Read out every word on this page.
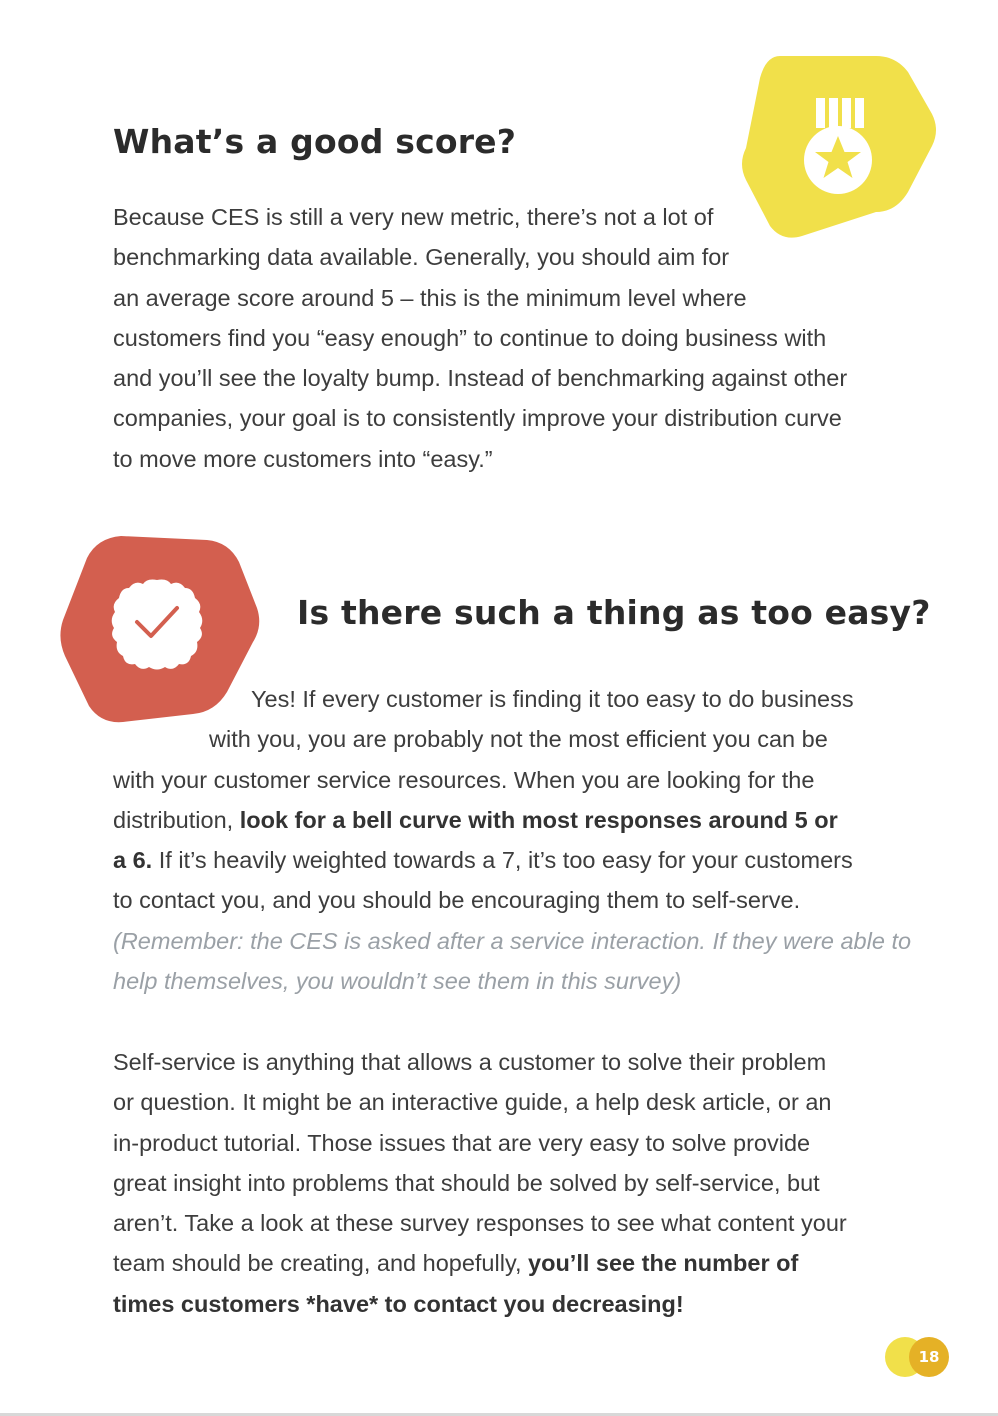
What’s a good score?

Because CES is still a very new metric, there’s not a lot of
benchmarking data available. Generally, you should aim for
an average score around 5 – this is the minimum level where
customers find you “easy enough” to continue to doing business with
and you’ll see the loyalty bump. Instead of benchmarking against other
companies, your goal is to consistently improve your distribution curve
to move more customers into “easy.”

Is there such a thing as too easy?

Yes! If every customer is finding it too easy to do business
with you, you are probably not the most efficient you can be
with your customer service resources. When you are looking for the
distribution, look for a bell curve with most responses around 5 or
a 6. If it’s heavily weighted towards a 7, it’s too easy for your customers
to contact you, and you should be encouraging them to self-serve.
(Remember: the CES is asked after a service interaction. If they were able to
help themselves, you wouldn’t see them in this survey)

Self-service is anything that allows a customer to solve their problem
or question. It might be an interactive guide, a help desk article, or an
in-product tutorial. Those issues that are very easy to solve provide
great insight into problems that should be solved by self-service, but
aren’t. Take a look at these survey responses to see what content your
team should be creating, and hopefully, you’ll see the number of
times customers *have* to contact you decreasing!

18
